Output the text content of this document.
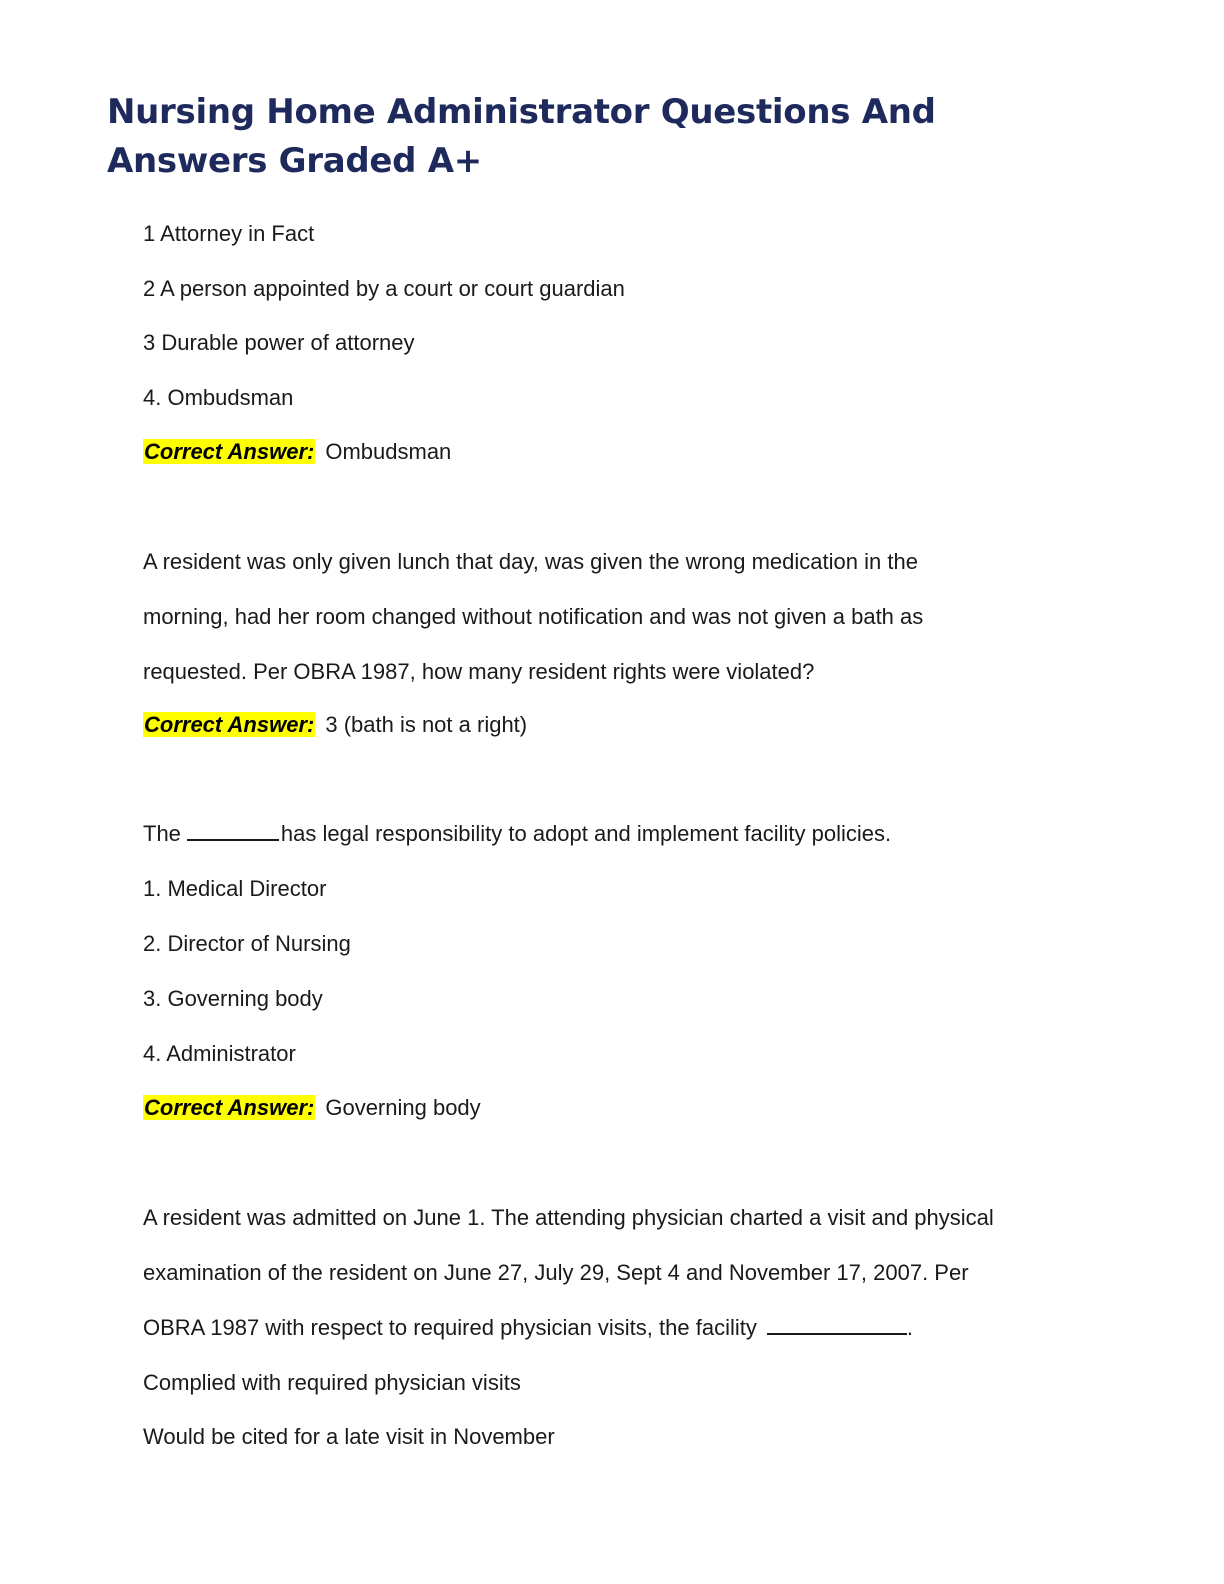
Nursing Home Administrator Questions And Answers Graded A+

1 Attorney in Fact

2 A person appointed by a court or court guardian

3 Durable power of attorney

4. Ombudsman

Correct Answer: Ombudsman

A resident was only given lunch that day, was given the wrong medication in the

morning, had her room changed without notification and was not given a bath as

requested. Per OBRA 1987, how many resident rights were violated?

Correct Answer: 3 (bath is not a right)

The	has legal responsibility to adopt and implement facility policies.

1. Medical Director

2. Director of Nursing

3. Governing body

4. Administrator

Correct Answer: Governing body

A resident was admitted on June 1. The attending physician charted a visit and physical

examination of the resident on June 27, July 29, Sept 4 and November 17, 2007. Per

OBRA 1987 with respect to required physician visits, the facility	.

Complied with required physician visits

Would be cited for a late visit in November
